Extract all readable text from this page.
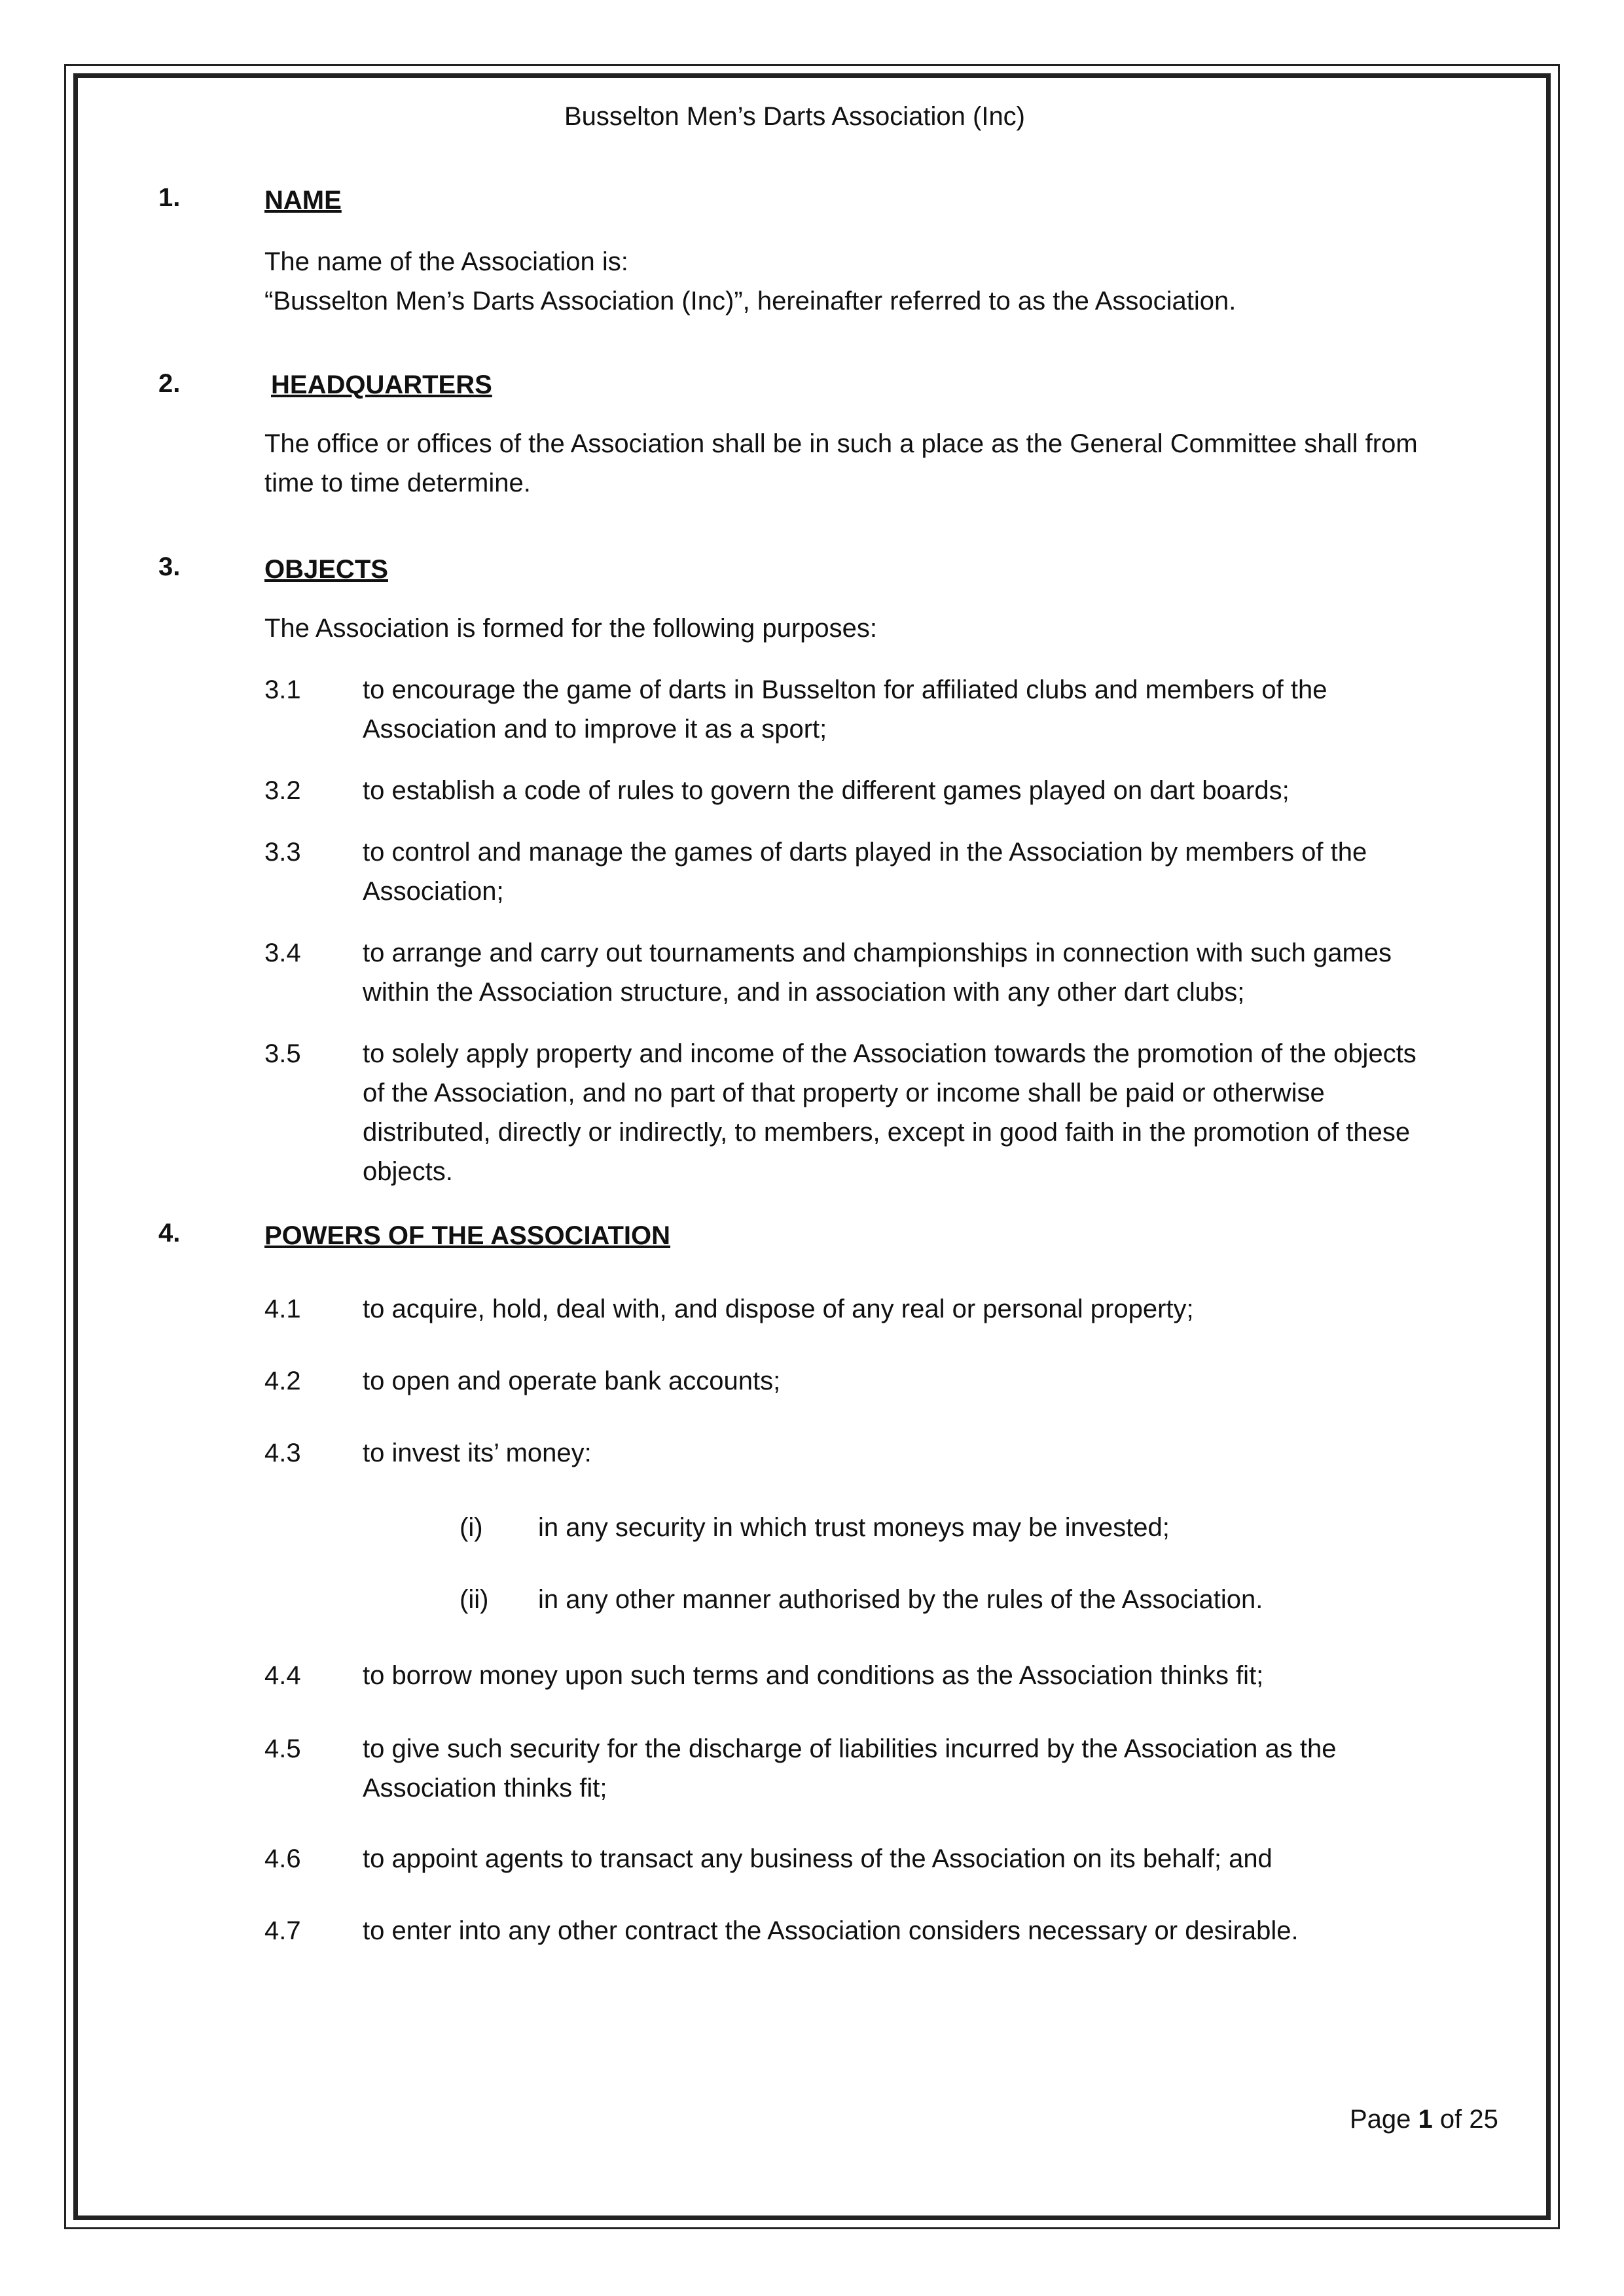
Busselton Men’s Darts Association (Inc)
1.	NAME
The name of the Association is:
“Busselton Men’s Darts Association (Inc)”, hereinafter referred to as the Association.
2.	HEADQUARTERS
The office or offices of the Association shall be in such a place as the General Committee shall from
time to time determine.
3.	OBJECTS
The Association is formed for the following purposes:
3.1 to encourage the game of darts in Busselton for affiliated clubs and members of the
Association and to improve it as a sport;
3.2 to establish a code of rules to govern the different games played on dart boards;
3.3 to control and manage the games of darts played in the Association by members of the
Association;
3.4 to arrange and carry out tournaments and championships in connection with such games
within the Association structure, and in association with any other dart clubs;
3.5 to solely apply property and income of the Association towards the promotion of the objects
of the Association, and no part of that property or income shall be paid or otherwise
distributed, directly or indirectly, to members, except in good faith in the promotion of these
objects.
4.	POWERS OF THE ASSOCIATION
4.1 to acquire, hold, deal with, and dispose of any real or personal property;
4.2 to open and operate bank accounts;
4.3 to invest its’ money:
(i) in any security in which trust moneys may be invested;
(ii) in any other manner authorised by the rules of the Association.
4.4 to borrow money upon such terms and conditions as the Association thinks fit;
4.5 to give such security for the discharge of liabilities incurred by the Association as the
Association thinks fit;
4.6 to appoint agents to transact any business of the Association on its behalf; and
4.7 to enter into any other contract the Association considers necessary or desirable.
Page 1 of 25
